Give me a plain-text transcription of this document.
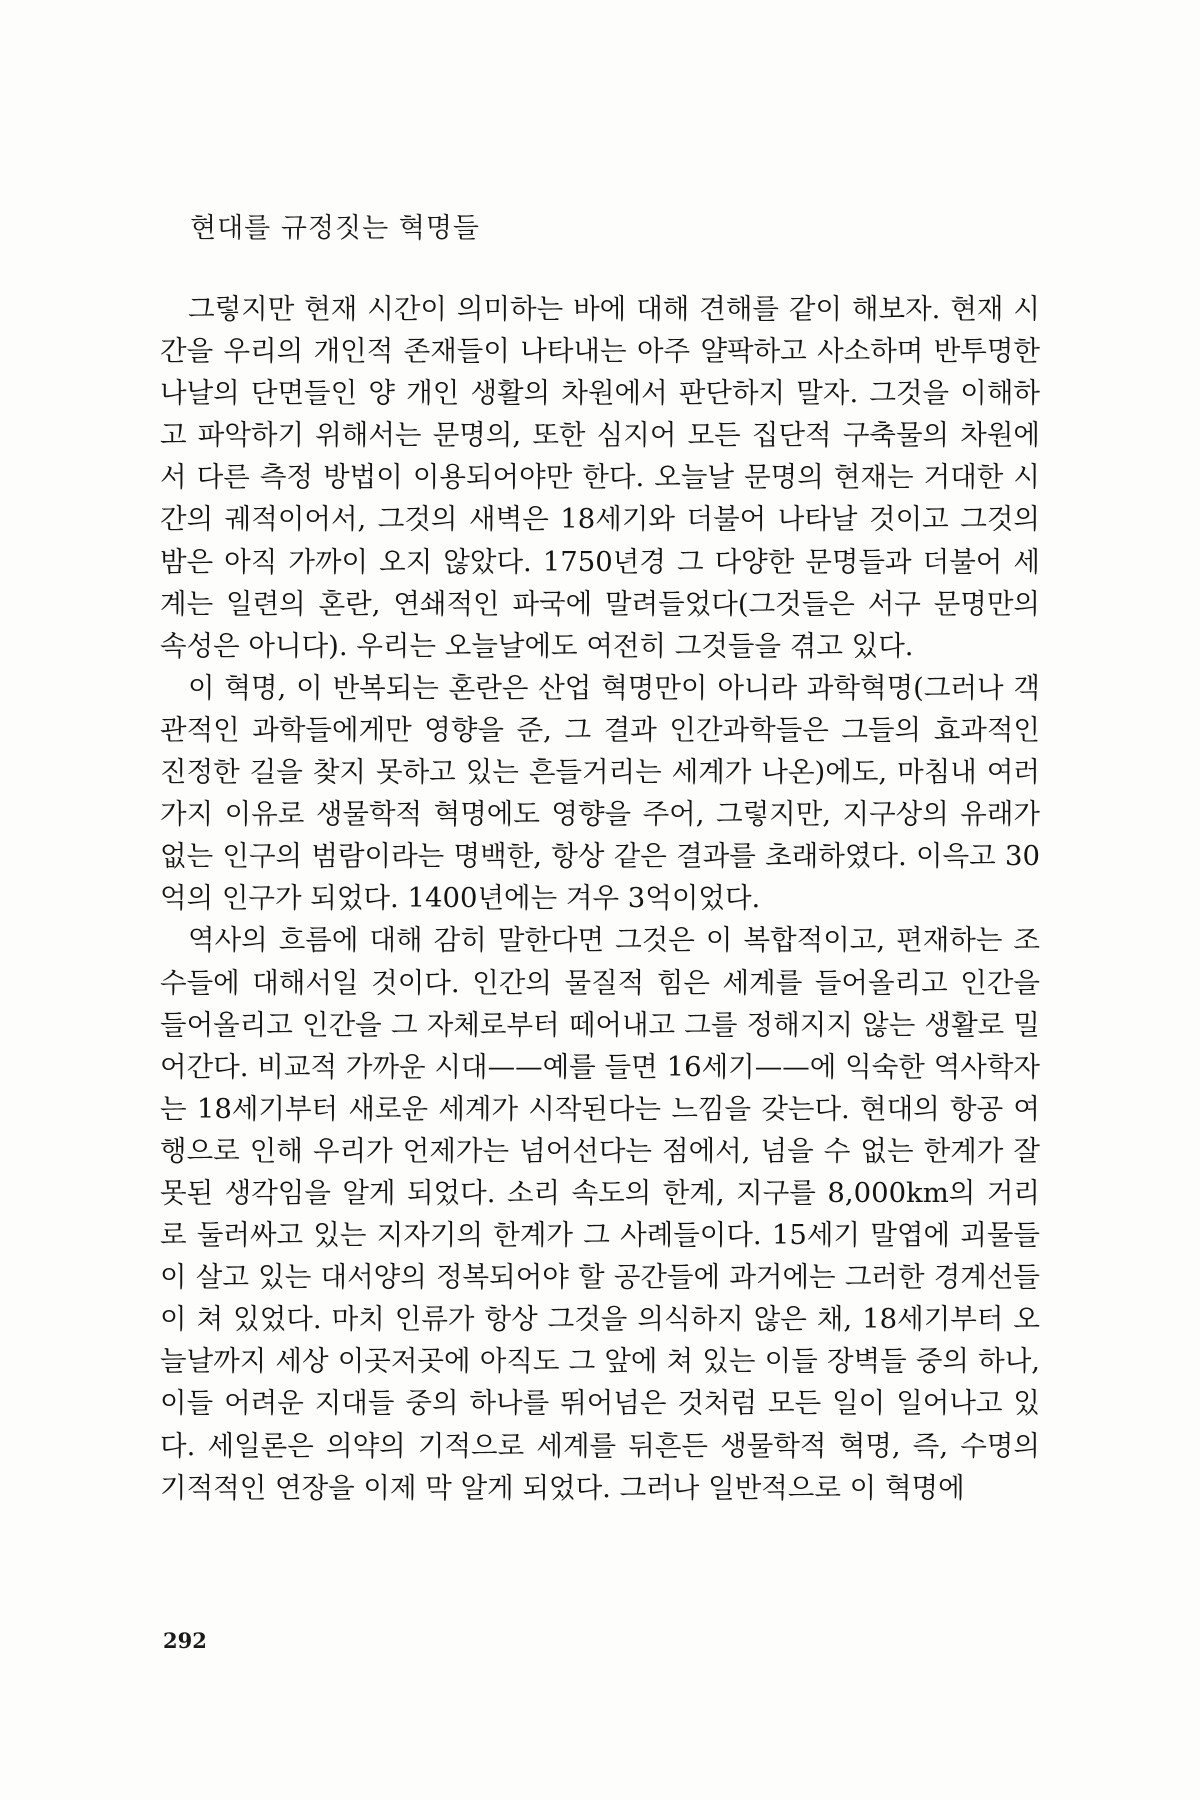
현대를 규정짓는 혁명들

그렇지만 현재 시간이 의미하는 바에 대해 견해를 같이 해보자. 현재 시간을 우리의 개인적 존재들이 나타내는 아주 얄팍하고 사소하며 반투명한 나날의 단면들인 양 개인 생활의 차원에서 판단하지 말자. 그것을 이해하고 파악하기 위해서는 문명의, 또한 심지어 모든 집단적 구축물의 차원에서 다른 측정 방법이 이용되어야만 한다. 오늘날 문명의 현재는 거대한 시간의 궤적이어서, 그것의 새벽은 18세기와 더불어 나타날 것이고 그것의 밤은 아직 가까이 오지 않았다. 1750년경 그 다양한 문명들과 더불어 세계는 일련의 혼란, 연쇄적인 파국에 말려들었다(그것들은 서구 문명만의 속성은 아니다). 우리는 오늘날에도 여전히 그것들을 겪고 있다.

이 혁명, 이 반복되는 혼란은 산업 혁명만이 아니라 과학혁명(그러나 객관적인 과학들에게만 영향을 준, 그 결과 인간과학들은 그들의 효과적인 진정한 길을 찾지 못하고 있는 흔들거리는 세계가 나온)에도, 마침내 여러가지 이유로 생물학적 혁명에도 영향을 주어, 그렇지만, 지구상의 유래가 없는 인구의 범람이라는 명백한, 항상 같은 결과를 초래하였다. 이윽고 30억의 인구가 되었다. 1400년에는 겨우 3억이었다.

역사의 흐름에 대해 감히 말한다면 그것은 이 복합적이고, 편재하는 조수들에 대해서일 것이다. 인간의 물질적 힘은 세계를 들어올리고 인간을 들어올리고 인간을 그 자체로부터 떼어내고 그를 정해지지 않는 생활로 밀어간다. 비교적 가까운 시대——예를 들면 16세기——에 익숙한 역사학자는 18세기부터 새로운 세계가 시작된다는 느낌을 갖는다. 현대의 항공 여행으로 인해 우리가 언제가는 넘어선다는 점에서, 넘을 수 없는 한계가 잘못된 생각임을 알게 되었다. 소리 속도의 한계, 지구를 8,000km의 거리로 둘러싸고 있는 지자기의 한계가 그 사례들이다. 15세기 말엽에 괴물들이 살고 있는 대서양의 정복되어야 할 공간들에 과거에는 그러한 경계선들이 쳐 있었다. 마치 인류가 항상 그것을 의식하지 않은 채, 18세기부터 오늘날까지 세상 이곳저곳에 아직도 그 앞에 쳐 있는 이들 장벽들 중의 하나, 이들 어려운 지대들 중의 하나를 뛰어넘은 것처럼 모든 일이 일어나고 있다. 세일론은 의약의 기적으로 세계를 뒤흔든 생물학적 혁명, 즉, 수명의 기적적인 연장을 이제 막 알게 되었다. 그러나 일반적으로 이 혁명에

292
